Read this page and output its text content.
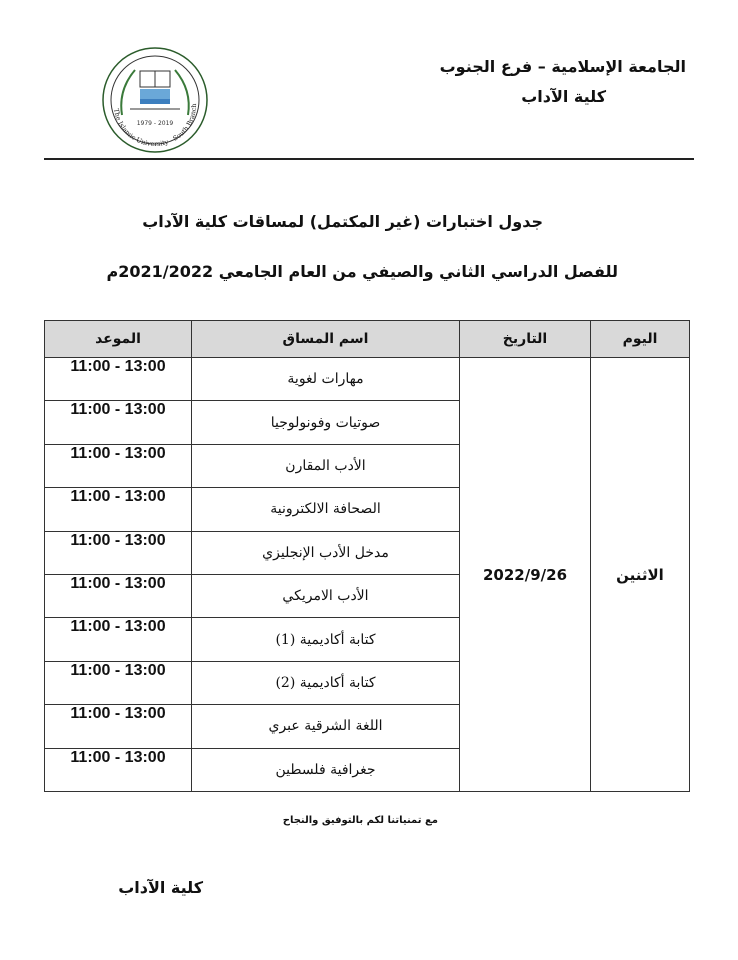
الجامعة الإسلامية – فرع الجنوب
كلية الآداب
1979 - 2019
The Islamic University - South Branch
جدول اختبارات (غير المكتمل) لمساقات كلية الآداب
للفصل الدراسي الثاني والصيفي من العام الجامعي 2021/2022م
اليوم	التاريخ	اسم المساق	الموعد
الاثنين	2022/9/26	مهارات لغوية	11:00 - 13:00
		صوتيات وفونولوجيا	11:00 - 13:00
		الأدب المقارن	11:00 - 13:00
		الصحافة الالكترونية	11:00 - 13:00
		مدخل الأدب الإنجليزي	11:00 - 13:00
		الأدب الامريكي	11:00 - 13:00
		كتابة أكاديمية (1)	11:00 - 13:00
		كتابة أكاديمية (2)	11:00 - 13:00
		اللغة الشرقية عبري	11:00 - 13:00
		جغرافية فلسطين	11:00 - 13:00
مع تمنياتنا لكم بالتوفيق والنجاح
كلية الآداب
